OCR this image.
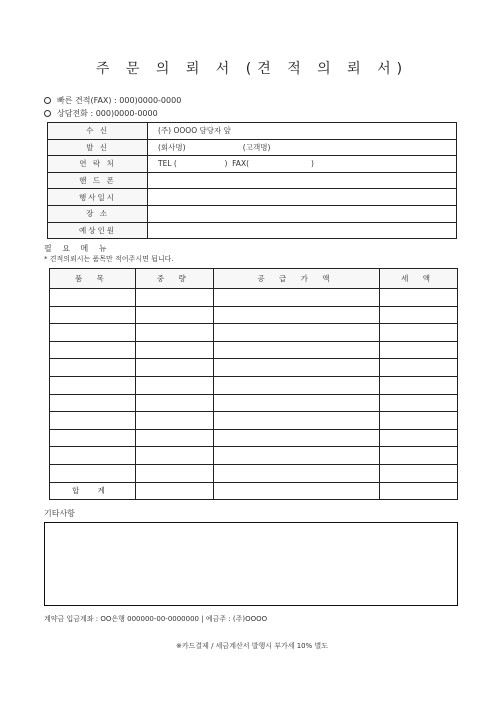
주 문 의 뢰 서 (견 적 의 뢰 서)
빠른 견적(FAX) : 000)0000-0000
상담전화 : 000)0000-0000
수 신	(주) OOOO 담당자 앞
발 신	(회사명)                        (고객명)
연 락 처	TEL (                    )  FAX(                          )
핸 드 폰	
행사일시	
장 소	
예상인원	
필 요 메 뉴
* 견적의뢰시는 품목만 적어주시면 됩니다.
품 목	중 량	공 급 가 액	세 액

합 계			
기타사항
계약금 입금계좌 : OO은행 000000-00-0000000 | 예금주 : (주)OOOO
※카드결제 / 세금계산서 발행시 부가세 10% 별도
